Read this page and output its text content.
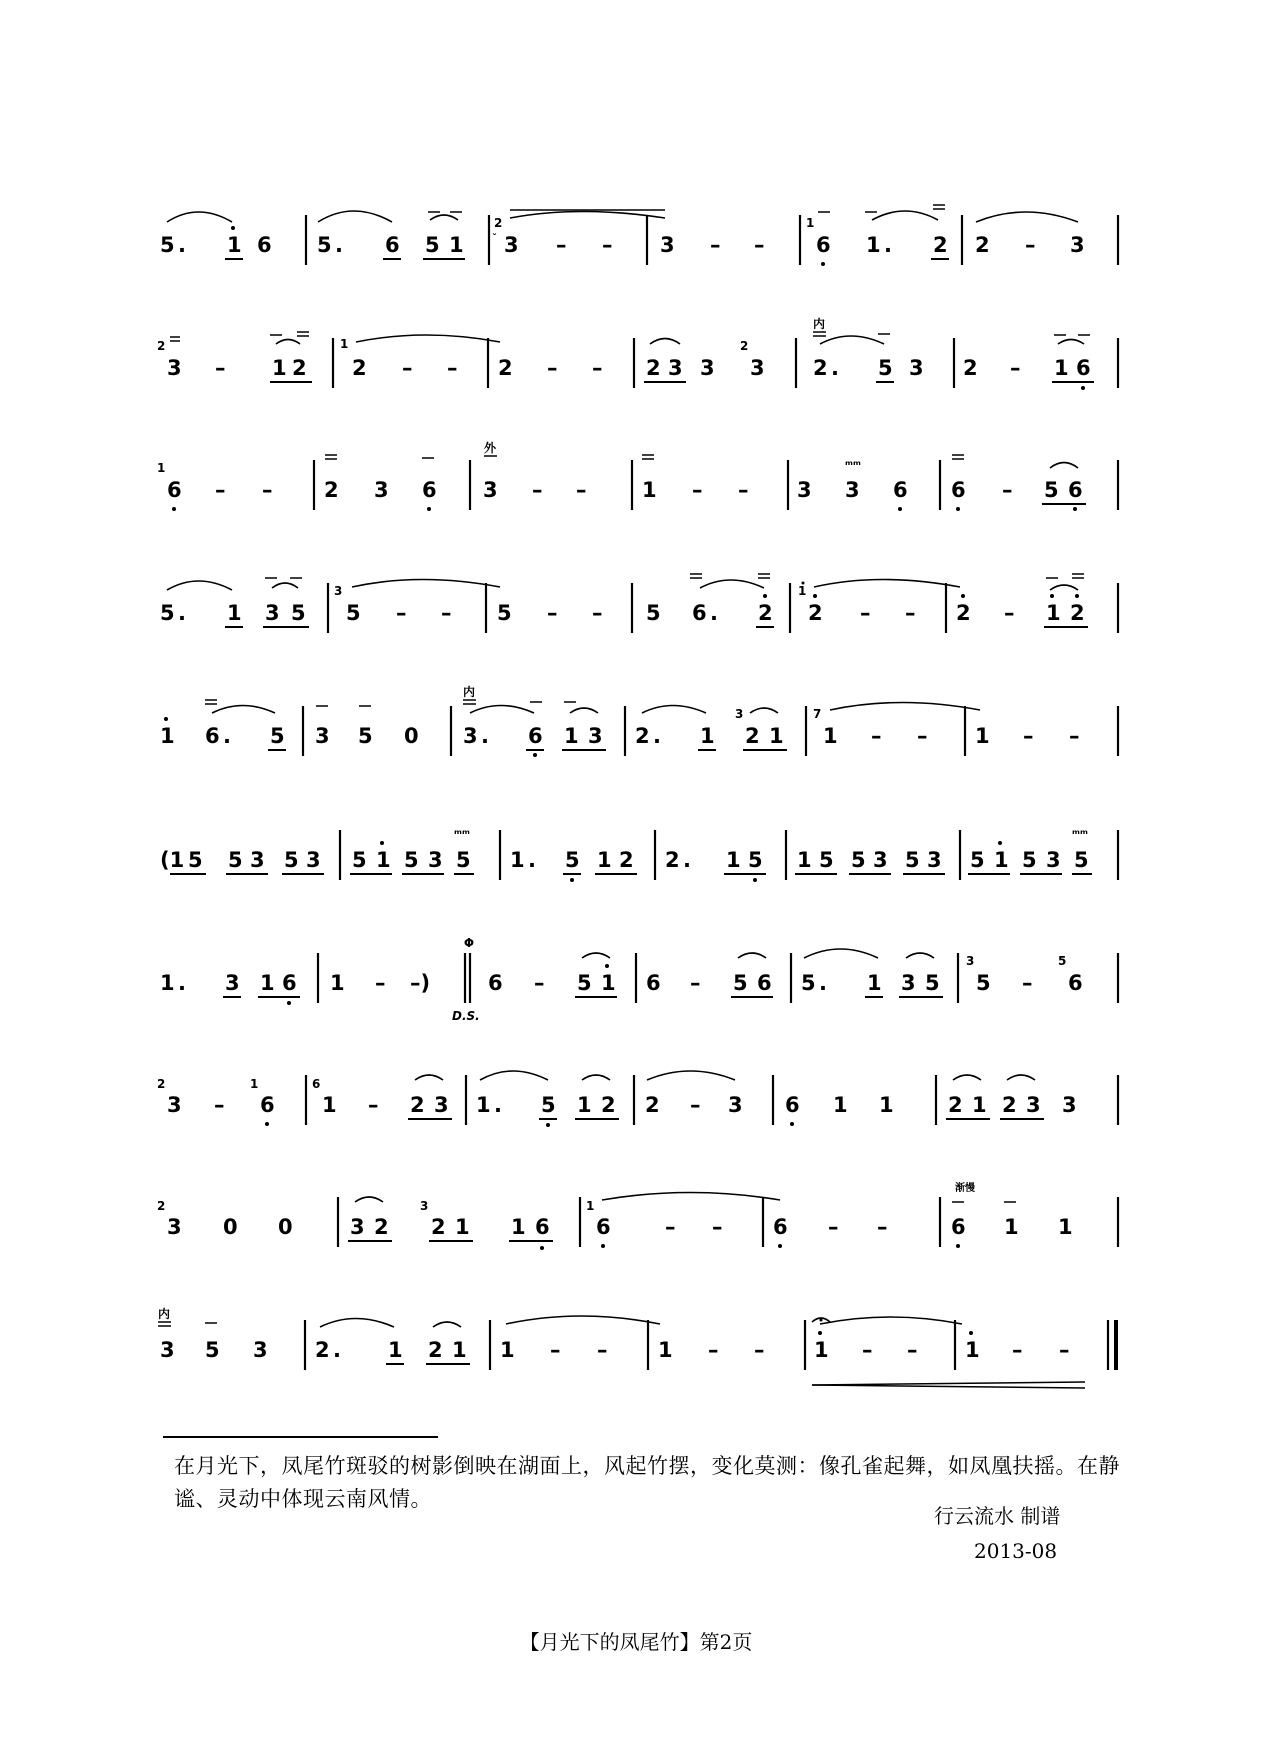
5 . 1 6 5 . 6 5 1
2
ˇ 3 – – 3 – –
1
6 1 . 2 2 – 3
2
3 – 1 2
1
2 – – 2 – – 2 3 3
2
3
内
2 . 5 3 2 – 1 6
1
6 – – 2 3 6
外
3 – –	1 – – 3 3
ᵐᵐ
6 6 – 5 6
5 . 1 3 5
3
5 – – 5 – – 5 6 . 2
1
2 – – 2 – 1 2
1 6 . 5 3 5 0
内
3 . 6 1 3 2 . 1
3
2 1
7
1 – – 1 – –
(1 5 5 3 5 3 5 1 5 3 5
ᵐᵐ
1 . 5 1 2 2 . 1 5 1 5 5 3 5 3 5 1 5 3 5
ᵐᵐ
1 . 3 1 6 1 – –)
Φ
D.S.
6 – 5 1 6 – 5 6 5 . 1 3 5
3
5 –
5
6
2
3 –
1
6
6
1 – 2 3 1 . 5 1 2 2 – 3 6 1 1	2 1 2 3 3
渐慢
2
3 0 0	3 2
3
2 1 1 6
1
6	– – 6 – –	6 1 1
内
3 5 3 2 . 1 2 1 1 – – 1 – – 1 – – 1 – –
在月光下，凤尾竹斑驳的树影倒映在湖面上，风起竹摆，变化莫测：像孔雀起舞，如凤凰扶摇。在静谧、灵动中体现云南风情。
行云流水 制谱
2013-08
【月光下的凤尾竹】第2页
